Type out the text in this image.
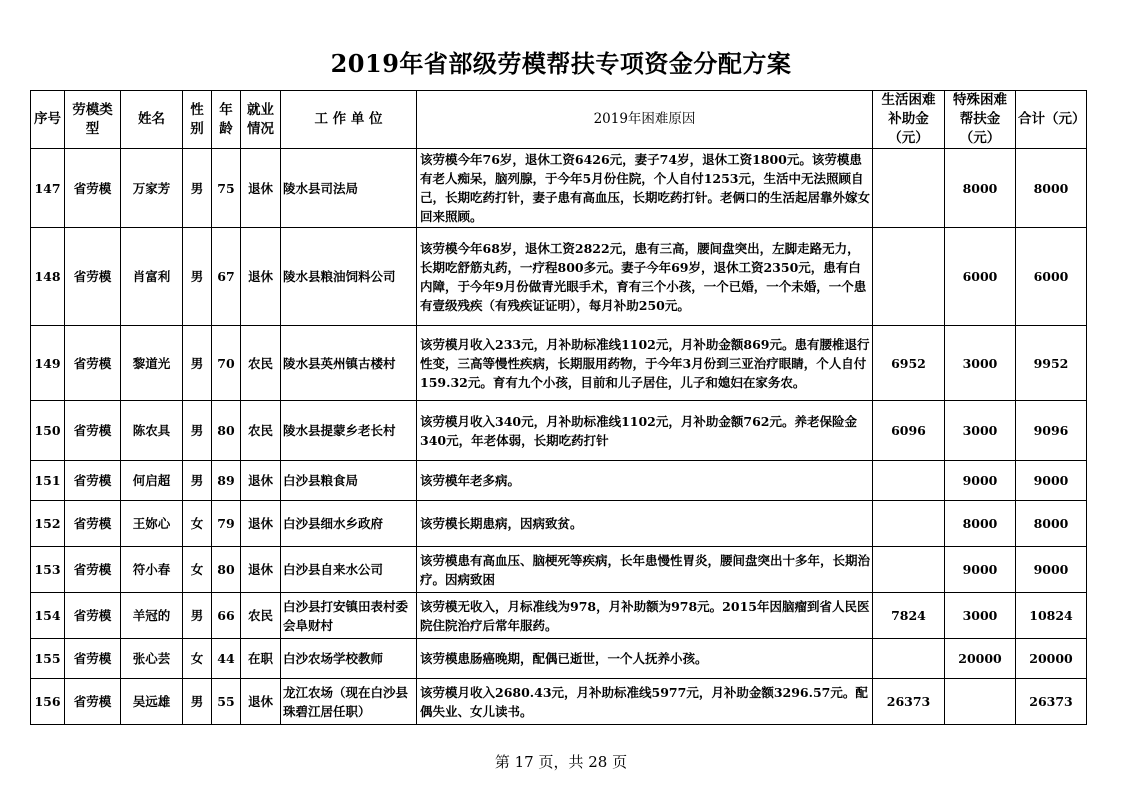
2019年省部级劳模帮扶专项资金分配方案
序号	劳模类型	姓名	性别	年龄	就业情况	工 作 单 位	2019年困难原因	生活困难补助金（元）	特殊困难帮扶金（元）	合计（元）
147	省劳模	万家芳	男	75	退休	陵水县司法局	该劳模今年76岁，退休工资6426元，妻子74岁，退休工资1800元。该劳模患有老人痴呆，脑列腺，于今年5月份住院，个人自付1253元，生活中无法照顾自己，长期吃药打针，妻子患有高血压，长期吃药打针。老俩口的生活起居靠外嫁女回来照顾。		8000	8000
148	省劳模	肖富利	男	67	退休	陵水县粮油饲料公司	该劳模今年68岁，退休工资2822元，患有三高，腰间盘突出，左脚走路无力，长期吃舒筋丸药，一疗程800多元。妻子今年69岁，退休工资2350元，患有白内障，于今年9月份做青光眼手术，育有三个小孩，一个已婚，一个未婚，一个患有壹级残疾（有残疾证证明），每月补助250元。		6000	6000
149	省劳模	黎道光	男	70	农民	陵水县英州镇古楼村	该劳模月收入233元，月补助标准线1102元，月补助金额869元。患有腰椎退行性变，三高等慢性疾病，长期服用药物，于今年3月份到三亚治疗眼睛，个人自付159.32元。育有九个小孩，目前和儿子居住，儿子和媳妇在家务农。	6952	3000	9952
150	省劳模	陈农具	男	80	农民	陵水县提蒙乡老长村	该劳模月收入340元，月补助标准线1102元，月补助金额762元。养老保险金340元，年老体弱，长期吃药打针	6096	3000	9096
151	省劳模	何启超	男	89	退休	白沙县粮食局	该劳模年老多病。		9000	9000
152	省劳模	王妳心	女	79	退休	白沙县细水乡政府	该劳模长期患病，因病致贫。		8000	8000
153	省劳模	符小春	女	80	退休	白沙县自来水公司	该劳模患有高血压、脑梗死等疾病，长年患慢性胃炎，腰间盘突出十多年，长期治疗。因病致困		9000	9000
154	省劳模	羊冠的	男	66	农民	白沙县打安镇田表村委会阜财村	该劳模无收入，月标准线为978，月补助额为978元。2015年因脑瘤到省人民医院住院治疗后常年服药。	7824	3000	10824
155	省劳模	张心芸	女	44	在职	白沙农场学校教师	该劳模患肠癌晚期，配偶已逝世，一个人抚养小孩。		20000	20000
156	省劳模	吴远雄	男	55	退休	龙江农场（现在白沙县珠碧江居任职）	该劳模月收入2680.43元，月补助标准线5977元，月补助金额3296.57元。配偶失业、女儿读书。	26373		26373
第 17 页，共 28 页
